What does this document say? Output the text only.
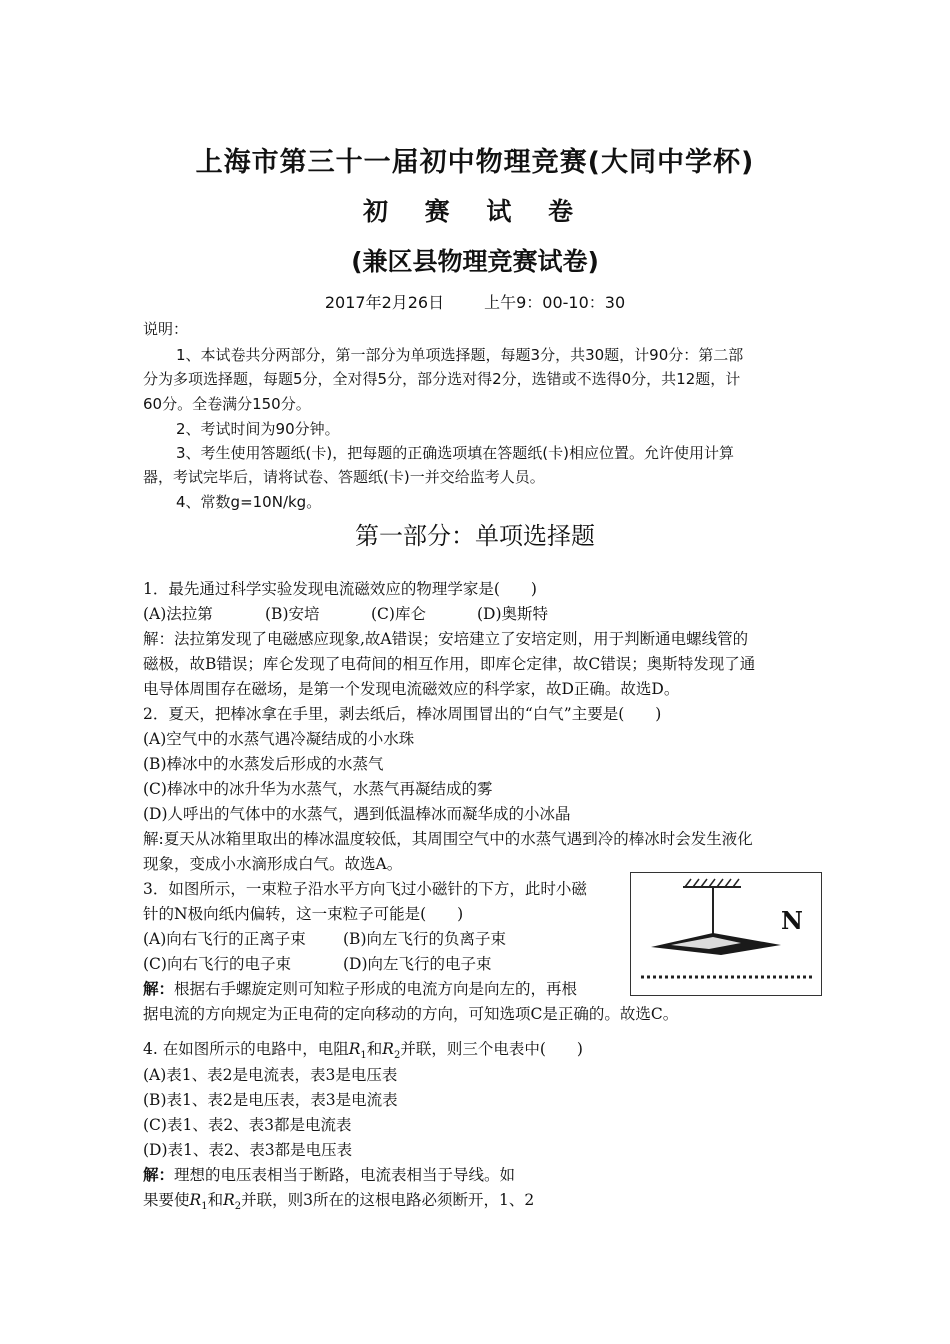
上海市第三十一届初中物理竞赛(大同中学杯)
初 赛 试 卷
(兼区县物理竞赛试卷)
2017年2月26日	上午9：00-10：30
说明：
1、本试卷共分两部分，第一部分为单项选择题，每题3分，共30题，计90分：第二部
分为多项选择题，每题5分，全对得5分，部分选对得2分，选错或不选得0分，共12题，计
60分。全卷满分150分。
2、考试时间为90分钟。
3、考生使用答题纸(卡)，把每题的正确选项填在答题纸(卡)相应位置。允许使用计算
器，考试完毕后，请将试卷、答题纸(卡)一并交给监考人员。
4、常数g=10N/kg。
第一部分：单项选择题
1．最先通过科学实验发现电流磁效应的物理学家是(　　)
(A)法拉第	(B)安培	(C)库仑	(D)奥斯特
解：法拉第发现了电磁感应现象,故A错误；安培建立了安培定则，用于判断通电螺线管的
磁极，故B错误；库仑发现了电荷间的相互作用，即库仑定律，故C错误；奥斯特发现了通
电导体周围存在磁场，是第一个发现电流磁效应的科学家，故D正确。故选D。
2．夏天，把棒冰拿在手里，剥去纸后，棒冰周围冒出的“白气”主要是(　　)
(A)空气中的水蒸气遇冷凝结成的小水珠
(B)棒冰中的水蒸发后形成的水蒸气
(C)棒冰中的冰升华为水蒸气，水蒸气再凝结成的雾
(D)人呼出的气体中的水蒸气，遇到低温棒冰而凝华成的小冰晶
解:夏天从冰箱里取出的棒冰温度较低，其周围空气中的水蒸气遇到冷的棒冰时会发生液化
现象，变成小水滴形成白气。故选A。
3．如图所示，一束粒子沿水平方向飞过小磁针的下方，此时小磁
针的N极向纸内偏转，这一束粒子可能是(　　)
(A)向右飞行的正离子束 (B)向左飞行的负离子束
(C)向右飞行的电子束	(D)向左飞行的电子束
解：根据右手螺旋定则可知粒子形成的电流方向是向左的，再根
据电流的方向规定为正电荷的定向移动的方向，可知选项C是正确的。故选C。
N
4. 在如图所示的电路中，电阻$R_1$和$R_2$并联，则三个电表中(　　)
(A)表1、表2是电流表，表3是电压表
(B)表1、表2是电压表，表3是电流表
(C)表1、表2、表3都是电流表
(D)表1、表2、表3都是电压表
解：理想的电压表相当于断路，电流表相当于导线。如
果要使$R_1$和$R_2$并联，则3所在的这根电路必须断开，1、2
